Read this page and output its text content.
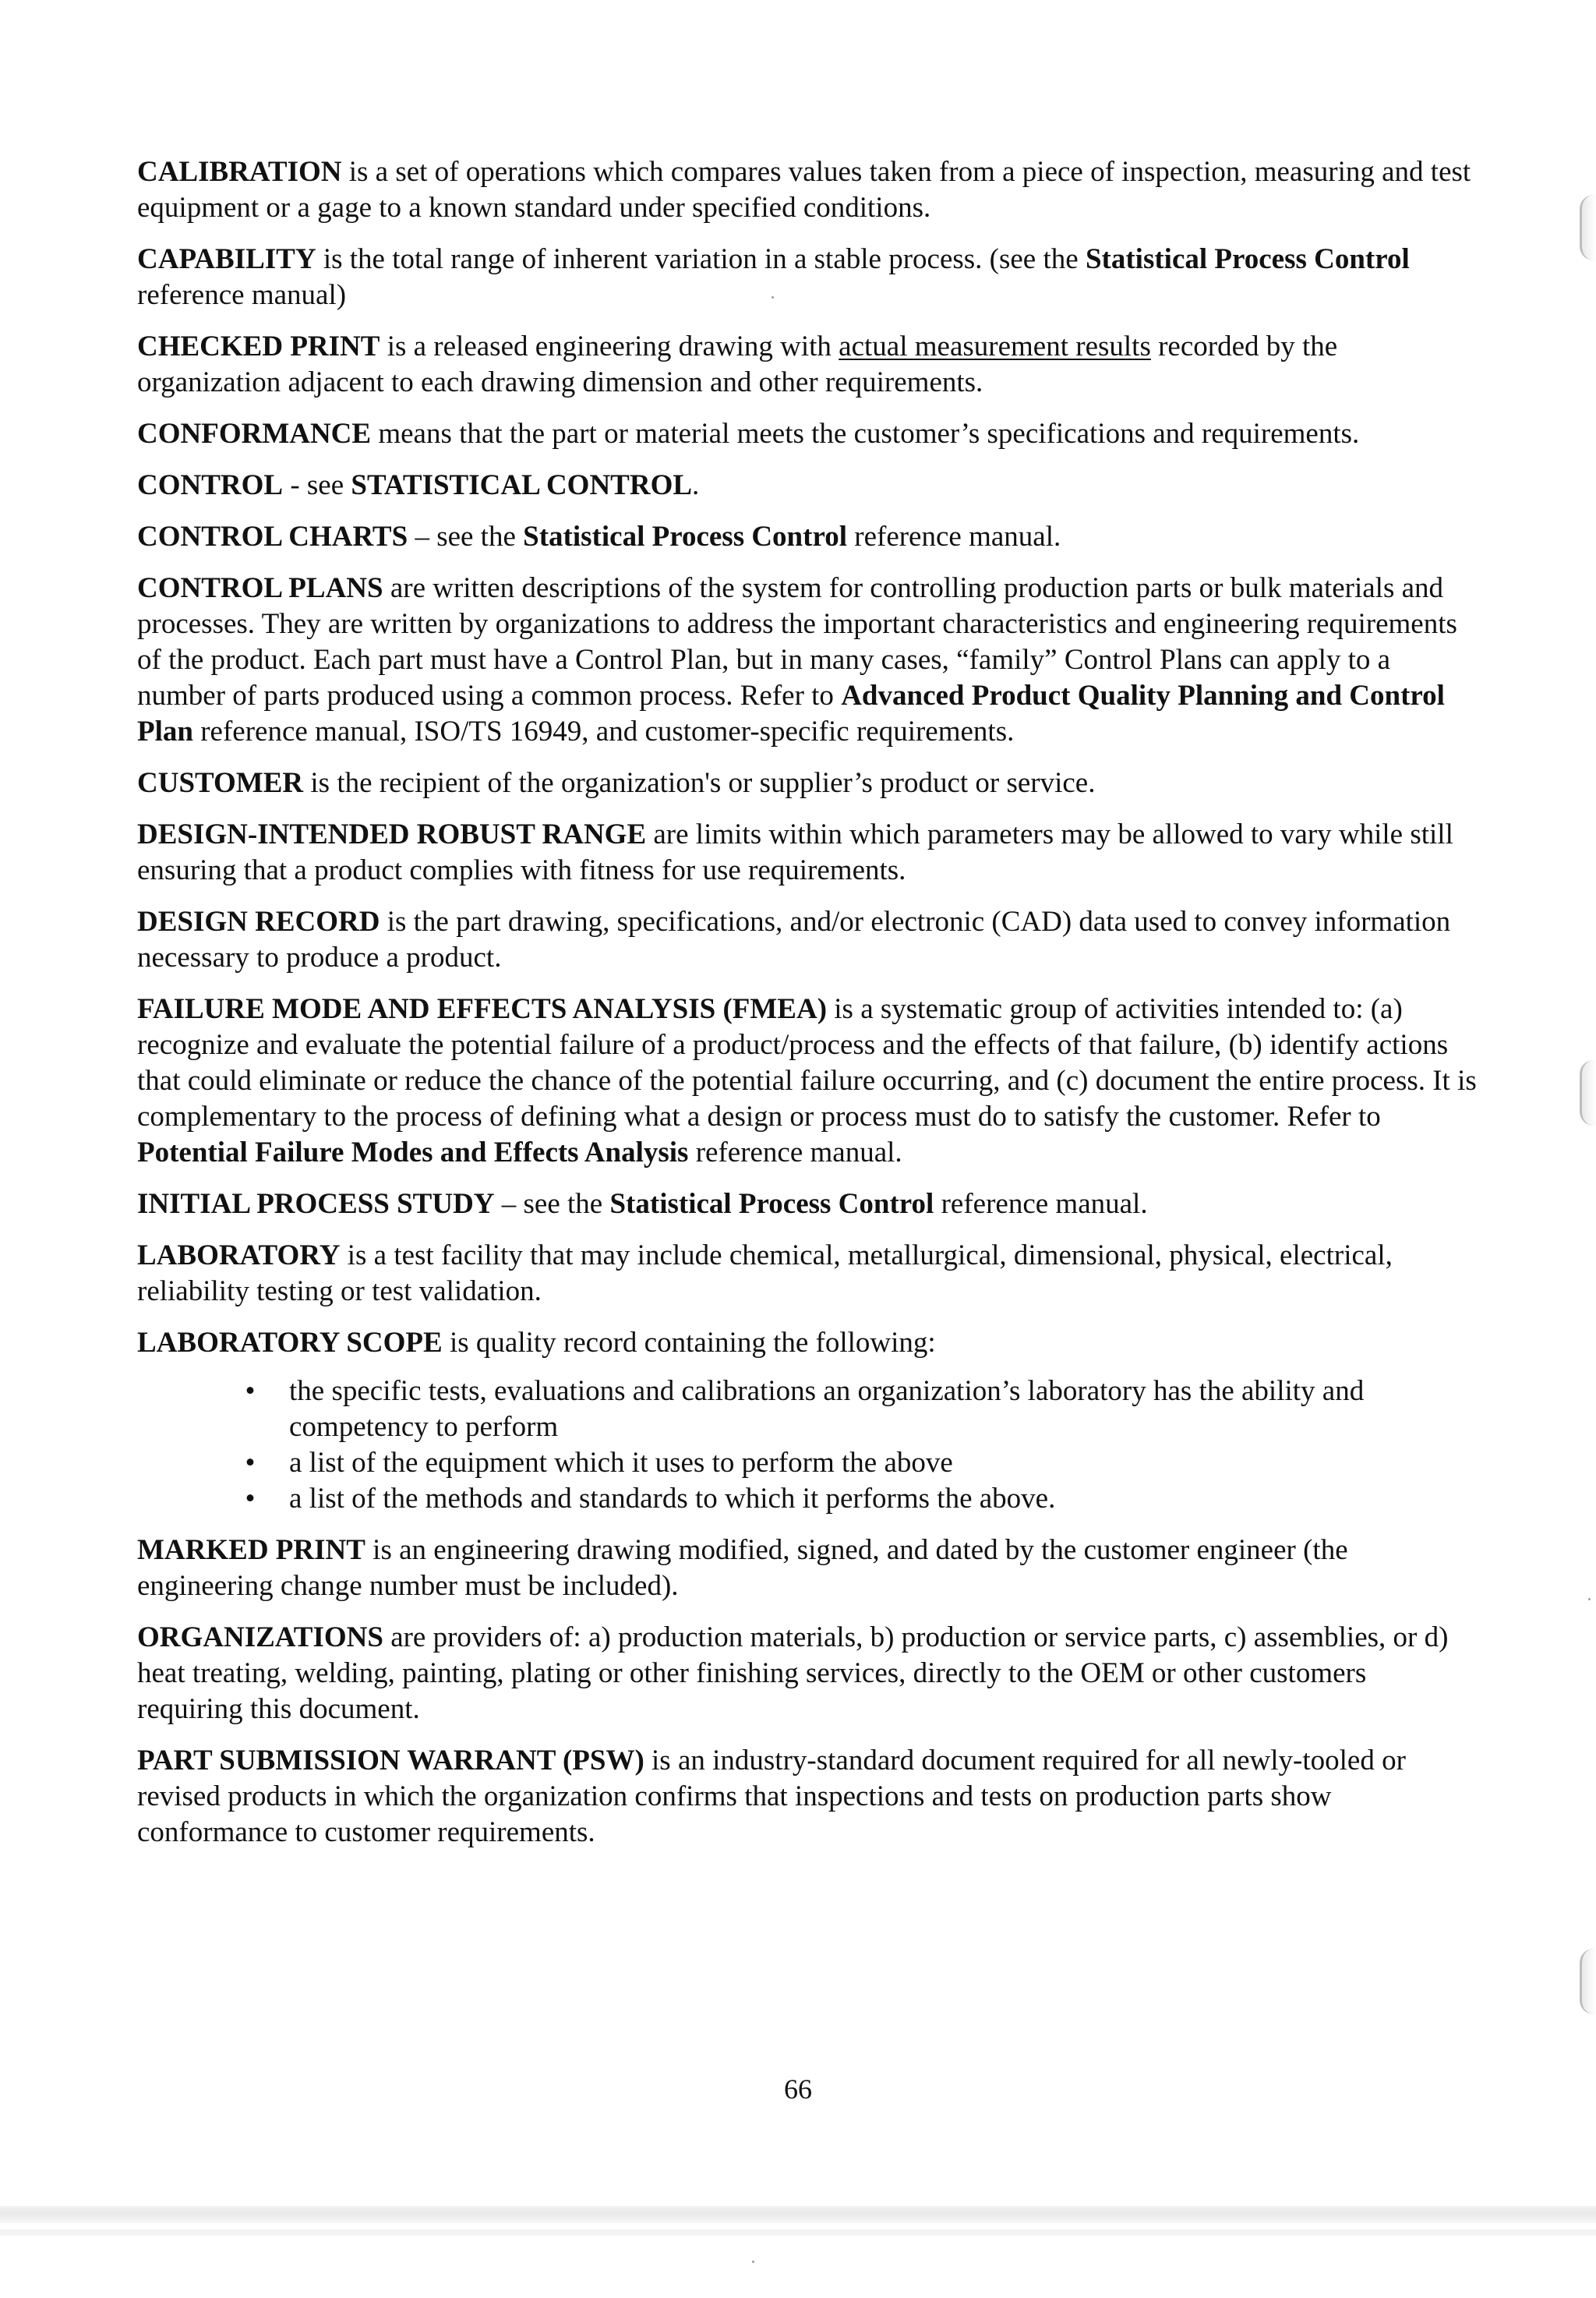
CALIBRATION is a set of operations which compares values taken from a piece of inspection, measuring and test equipment or a gage to a known standard under specified conditions.

CAPABILITY is the total range of inherent variation in a stable process. (see the Statistical Process Control reference manual)

CHECKED PRINT is a released engineering drawing with actual measurement results recorded by the organization adjacent to each drawing dimension and other requirements.

CONFORMANCE means that the part or material meets the customer’s specifications and requirements.

CONTROL - see STATISTICAL CONTROL.

CONTROL CHARTS – see the Statistical Process Control reference manual.

CONTROL PLANS are written descriptions of the system for controlling production parts or bulk materials and processes. They are written by organizations to address the important characteristics and engineering requirements of the product. Each part must have a Control Plan, but in many cases, “family” Control Plans can apply to a number of parts produced using a common process. Refer to Advanced Product Quality Planning and Control Plan reference manual, ISO/TS 16949, and customer-specific requirements.

CUSTOMER is the recipient of the organization's or supplier’s product or service.

DESIGN-INTENDED ROBUST RANGE are limits within which parameters may be allowed to vary while still ensuring that a product complies with fitness for use requirements.

DESIGN RECORD is the part drawing, specifications, and/or electronic (CAD) data used to convey information necessary to produce a product.

FAILURE MODE AND EFFECTS ANALYSIS (FMEA) is a systematic group of activities intended to: (a) recognize and evaluate the potential failure of a product/process and the effects of that failure, (b) identify actions that could eliminate or reduce the chance of the potential failure occurring, and (c) document the entire process. It is complementary to the process of defining what a design or process must do to satisfy the customer. Refer to Potential Failure Modes and Effects Analysis reference manual.

INITIAL PROCESS STUDY – see the Statistical Process Control reference manual.

LABORATORY is a test facility that may include chemical, metallurgical, dimensional, physical, electrical, reliability testing or test validation.

LABORATORY SCOPE is quality record containing the following:

• the specific tests, evaluations and calibrations an organization’s laboratory has the ability and competency to perform
• a list of the equipment which it uses to perform the above
• a list of the methods and standards to which it performs the above.

MARKED PRINT is an engineering drawing modified, signed, and dated by the customer engineer (the engineering change number must be included).

ORGANIZATIONS are providers of: a) production materials, b) production or service parts, c) assemblies, or d) heat treating, welding, painting, plating or other finishing services, directly to the OEM or other customers requiring this document.

PART SUBMISSION WARRANT (PSW) is an industry-standard document required for all newly-tooled or revised products in which the organization confirms that inspections and tests on production parts show conformance to customer requirements.

66
